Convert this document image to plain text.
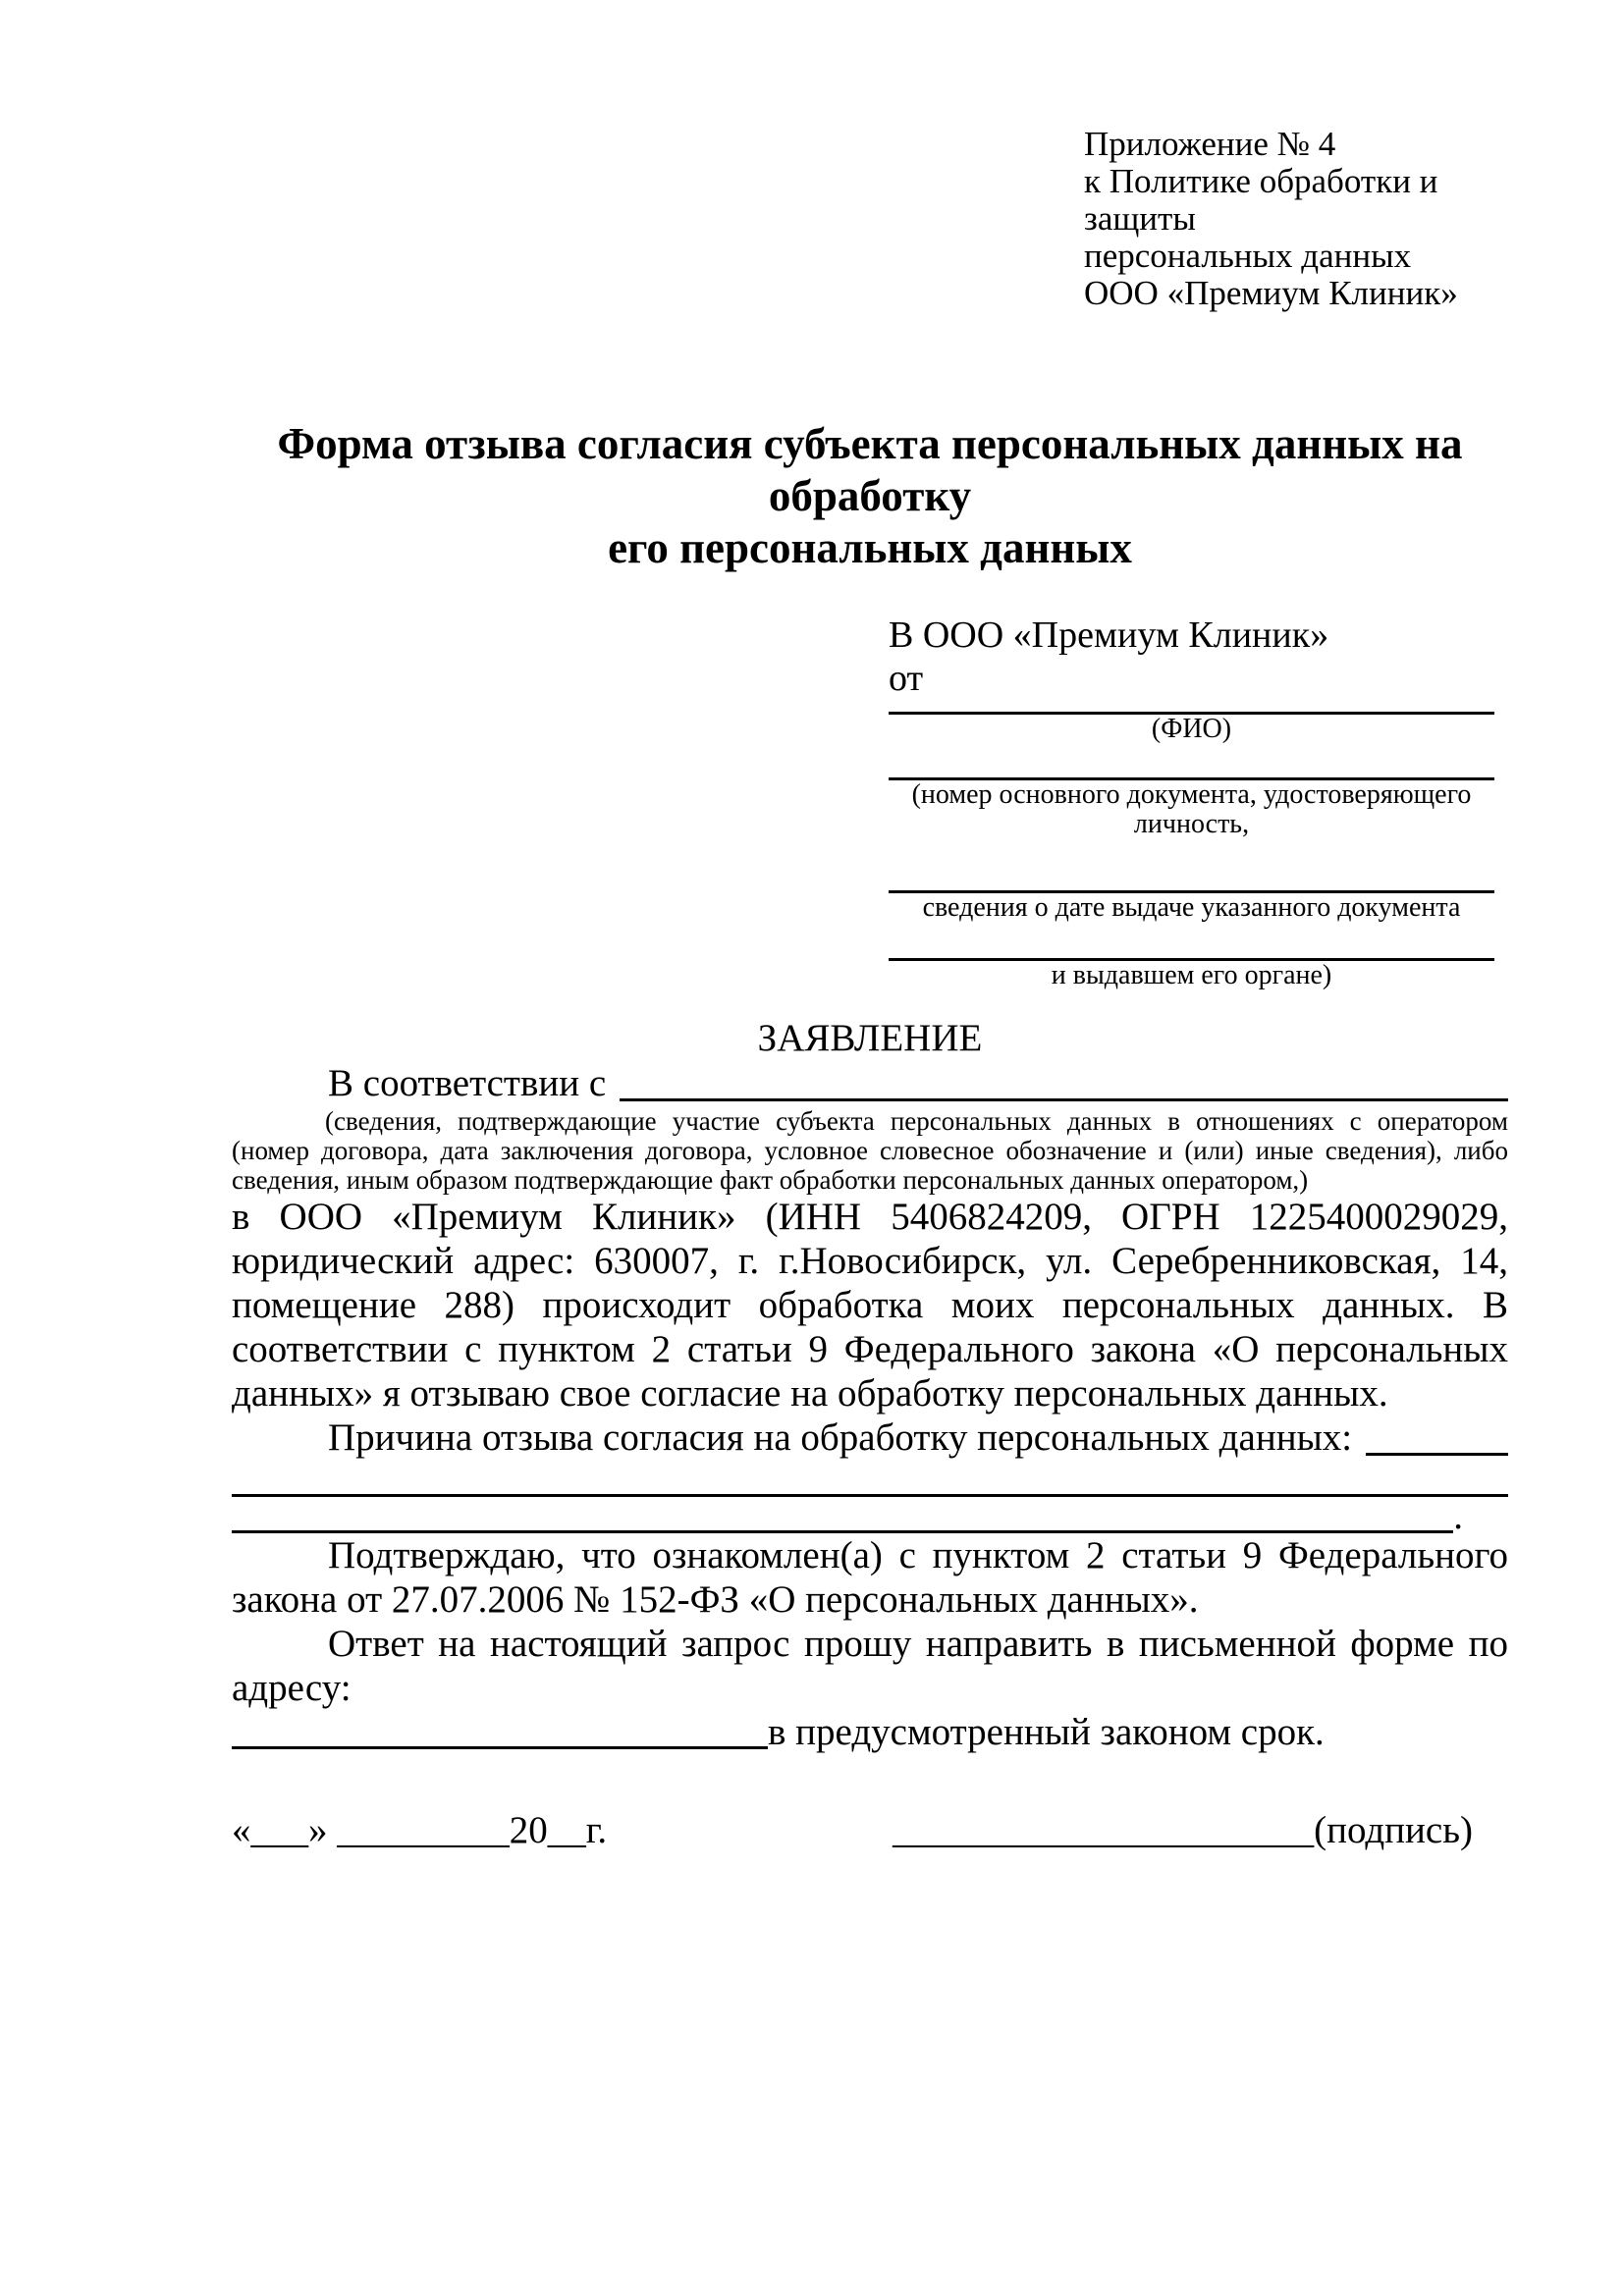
Приложение № 4
к Политике обработки и защиты
персональных данных
ООО «Премиум Клиник»
Форма отзыва согласия субъекта персональных данных на обработку
его персональных данных
В ООО «Премиум Клиник»
от
(ФИО)
(номер основного документа, удостоверяющего личность,
сведения о дате выдаче указанного документа
и выдавшем его органе)
ЗАЯВЛЕНИЕ
В соответствии с
(сведения, подтверждающие участие субъекта персональных данных в отношениях с оператором (номер договора, дата заключения договора, условное словесное обозначение и (или) иные сведения), либо сведения, иным образом подтверждающие факт обработки персональных данных оператором,)

в ООО «Премиум Клиник» (ИНН 5406824209, ОГРН 1225400029029, юридический адрес: 630007, г. г.Новосибирск, ул. Серебренниковская, 14, помещение 288) происходит обработка моих персональных данных. В соответствии с пунктом 2 статьи 9 Федерального закона «О персональных данных» я отзываю свое согласие на обработку персональных данных.

Причина отзыва согласия на обработку персональных данных:
.

Подтверждаю, что ознакомлен(а) с пунктом 2 статьи 9 Федерального закона от 27.07.2006 № 152-ФЗ «О персональных данных».

Ответ на настоящий запрос прошу направить в письменной форме по адресу:

в предусмотренный законом срок.
«___» _________20__г.	______________________(подпись)
